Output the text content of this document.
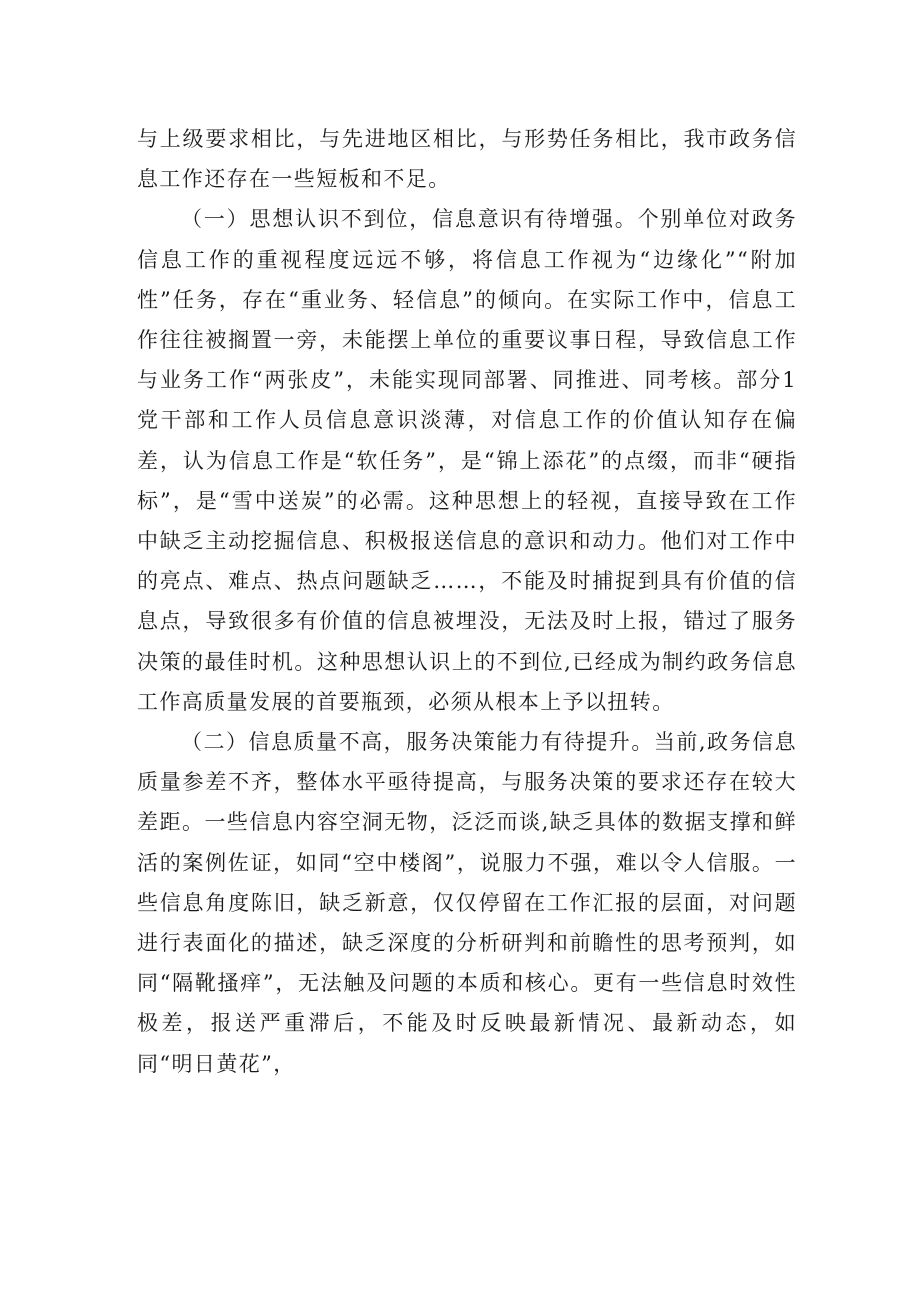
与上级要求相比，与先进地区相比，与形势任务相比，我市政务信息工作还存在一些短板和不足。

（一）思想认识不到位，信息意识有待增强。个别单位对政务信息工作的重视程度远远不够，将信息工作视为“边缘化”“附加性”任务，存在“重业务、轻信息”的倾向。在实际工作中，信息工作往往被搁置一旁，未能摆上单位的重要议事日程，导致信息工作与业务工作“两张皮”，未能实现同部署、同推进、同考核。部分1党干部和工作人员信息意识淡薄，对信息工作的价值认知存在偏差，认为信息工作是“软任务”，是“锦上添花”的点缀，而非“硬指标”，是“雪中送炭”的必需。这种思想上的轻视，直接导致在工作中缺乏主动挖掘信息、积极报送信息的意识和动力。他们对工作中的亮点、难点、热点问题缺乏……，不能及时捕捉到具有价值的信息点，导致很多有价值的信息被埋没，无法及时上报，错过了服务决策的最佳时机。这种思想认识上的不到位,已经成为制约政务信息工作高质量发展的首要瓶颈，必须从根本上予以扭转。

（二）信息质量不高，服务决策能力有待提升。当前,政务信息质量参差不齐，整体水平亟待提高，与服务决策的要求还存在较大差距。一些信息内容空洞无物，泛泛而谈,缺乏具体的数据支撑和鲜活的案例佐证，如同“空中楼阁”，说服力不强，难以令人信服。一些信息角度陈旧，缺乏新意，仅仅停留在工作汇报的层面，对问题进行表面化的描述，缺乏深度的分析研判和前瞻性的思考预判，如同“隔靴搔痒”，无法触及问题的本质和核心。更有一些信息时效性极差，报送严重滞后，不能及时反映最新情况、最新动态，如同“明日黄花”，
